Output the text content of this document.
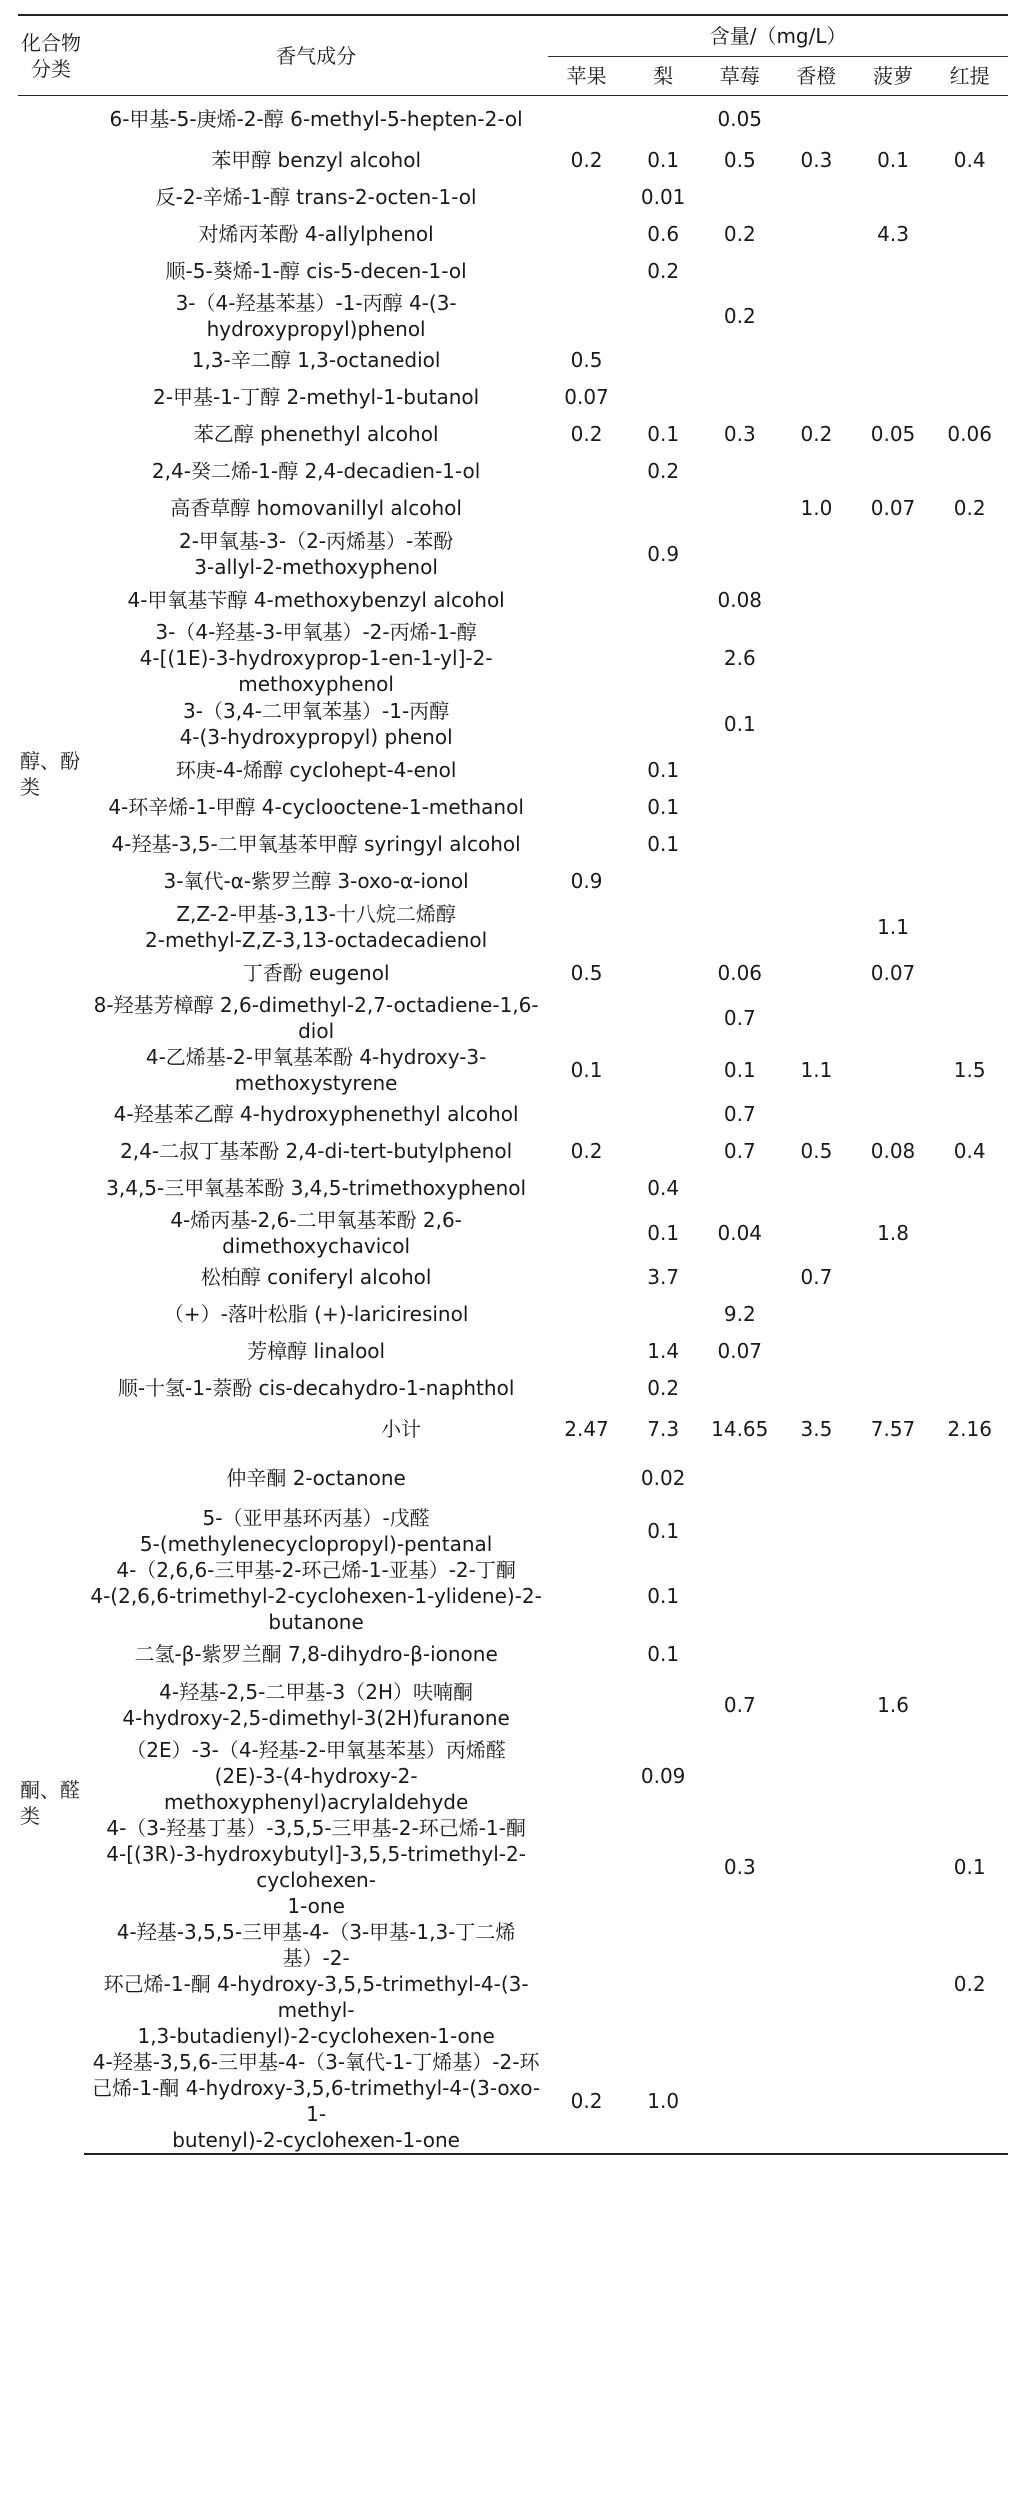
化合物
分类	香气成分	含量/（mg/L）					
		苹果	梨	草莓	香橙	菠萝	红提
醇、酚类	6-甲基-5-庚烯-2-醇 6-methyl-5-hepten-2-ol			0.05			

	苯甲醇 benzyl alcohol	0.2	0.1	0.5	0.3	0.1	0.4

	反-2-辛烯-1-醇 trans-2-octen-1-ol		0.01				

	对烯丙苯酚 4-allylphenol		0.6	0.2		4.3	

	顺-5-葵烯-1-醇 cis-5-decen-1-ol		0.2				

	3-（4-羟基苯基）-1-丙醇 4-(3-hydroxypropyl)phenol			0.2			

	1,3-辛二醇 1,3-octanediol	0.5					

	2-甲基-1-丁醇 2-methyl-1-butanol	0.07					

	苯乙醇 phenethyl alcohol	0.2	0.1	0.3	0.2	0.05	0.06

	2,4-癸二烯-1-醇 2,4-decadien-1-ol		0.2				

	高香草醇 homovanillyl alcohol				1.0	0.07	0.2

	2-甲氧基-3-（2-丙烯基）-苯酚
3-allyl-2-methoxyphenol		0.9				

	4-甲氧基苄醇 4-methoxybenzyl alcohol			0.08			

	3-（4-羟基-3-甲氧基）-2-丙烯-1-醇
4-[(1E)-3-hydroxyprop-1-en-1-yl]-2-methoxyphenol			2.6			

	3-（3,4-二甲氧苯基）-1-丙醇
4-(3-hydroxypropyl) phenol			0.1			

	环庚-4-烯醇 cyclohept-4-enol		0.1				

	4-环辛烯-1-甲醇 4-cyclooctene-1-methanol		0.1				

	4-羟基-3,5-二甲氧基苯甲醇 syringyl alcohol		0.1				

	3-氧代-α-紫罗兰醇 3-oxo-α-ionol	0.9					

	Z,Z-2-甲基-3,13-十八烷二烯醇
2-methyl-Z,Z-3,13-octadecadienol					1.1	

	丁香酚 eugenol	0.5		0.06		0.07	

	8-羟基芳樟醇 2,6-dimethyl-2,7-octadiene-1,6-diol			0.7			

	4-乙烯基-2-甲氧基苯酚 4-hydroxy-3-methoxystyrene	0.1		0.1	1.1		1.5

	4-羟基苯乙醇 4-hydroxyphenethyl alcohol			0.7			

	2,4-二叔丁基苯酚 2,4-di-tert-butylphenol	0.2		0.7	0.5	0.08	0.4

	3,4,5-三甲氧基苯酚 3,4,5-trimethoxyphenol		0.4				

	4-烯丙基-2,6-二甲氧基苯酚 2,6-dimethoxychavicol		0.1	0.04		1.8	

	松柏醇 coniferyl alcohol		3.7		0.7		

	（+）-落叶松脂 (+)-lariciresinol			9.2			

	芳樟醇 linalool		1.4	0.07			

	顺-十氢-1-萘酚 cis-decahydro-1-naphthol		0.2				
	小计	2.47	7.3	14.65	3.5	7.57	2.16
酮、醛类	仲辛酮 2-octanone		0.02				

	5-（亚甲基环丙基）-戊醛
5-(methylenecyclopropyl)-pentanal		0.1				

	4-（2,6,6-三甲基-2-环己烯-1-亚基）-2-丁酮
4-(2,6,6-trimethyl-2-cyclohexen-1-ylidene)-2-butanone		0.1				

	二氢-β-紫罗兰酮 7,8-dihydro-β-ionone		0.1				

	4-羟基-2,5-二甲基-3（2H）呋喃酮
4-hydroxy-2,5-dimethyl-3(2H)furanone			0.7		1.6	

	（2E）-3-（4-羟基-2-甲氧基苯基）丙烯醛
(2E)-3-(4-hydroxy-2-methoxyphenyl)acrylaldehyde		0.09				

	4-（3-羟基丁基）-3,5,5-三甲基-2-环己烯-1-酮
4-[(3R)-3-hydroxybutyl]-3,5,5-trimethyl-2-cyclohexen-
1-one			0.3			0.1

	4-羟基-3,5,5-三甲基-4-（3-甲基-1,3-丁二烯基）-2-
环己烯-1-酮 4-hydroxy-3,5,5-trimethyl-4-(3-methyl-
1,3-butadienyl)-2-cyclohexen-1-one						0.2

	4-羟基-3,5,6-三甲基-4-（3-氧代-1-丁烯基）-2-环
己烯-1-酮 4-hydroxy-3,5,6-trimethyl-4-(3-oxo-1-
butenyl)-2-cyclohexen-1-one	0.2	1.0				
